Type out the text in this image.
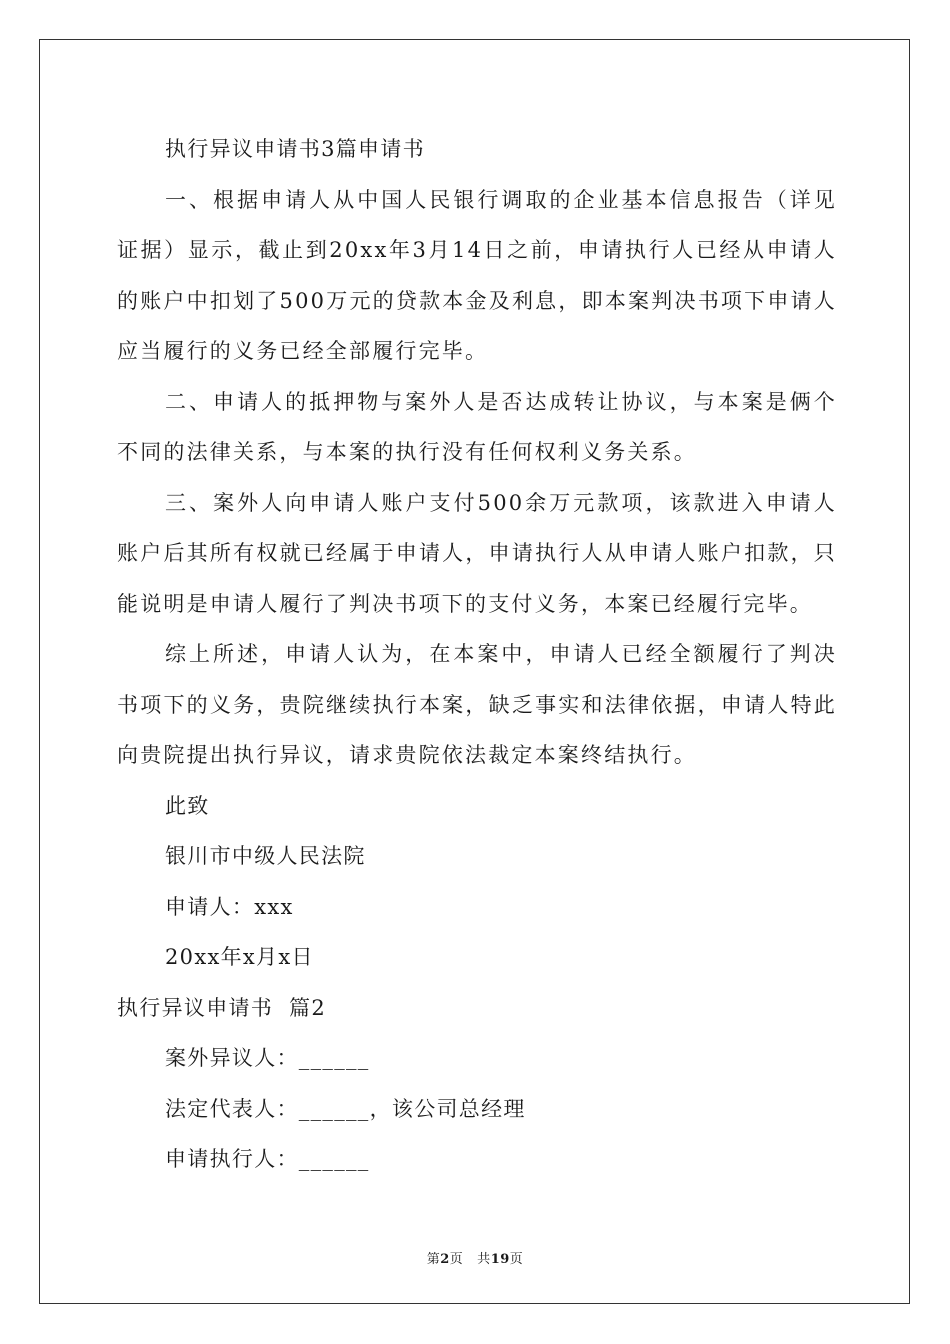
执行异议申请书3篇申请书

一、根据申请人从中国人民银行调取的企业基本信息报告（详见证据）显示，截止到20xx年3月14日之前，申请执行人已经从申请人的账户中扣划了500万元的贷款本金及利息，即本案判决书项下申请人应当履行的义务已经全部履行完毕。

二、申请人的抵押物与案外人是否达成转让协议，与本案是俩个不同的法律关系，与本案的执行没有任何权利义务关系。

三、案外人向申请人账户支付500余万元款项，该款进入申请人账户后其所有权就已经属于申请人，申请执行人从申请人账户扣款，只能说明是申请人履行了判决书项下的支付义务，本案已经履行完毕。

综上所述，申请人认为，在本案中，申请人已经全额履行了判决书项下的义务，贵院继续执行本案，缺乏事实和法律依据，申请人特此向贵院提出执行异议，请求贵院依法裁定本案终结执行。

此致
银川市中级人民法院
申请人：xxx
20xx年x月x日
执行异议申请书  篇2
案外异议人：______
法定代表人：______，该公司总经理
申请执行人：______
第2页 共19页
